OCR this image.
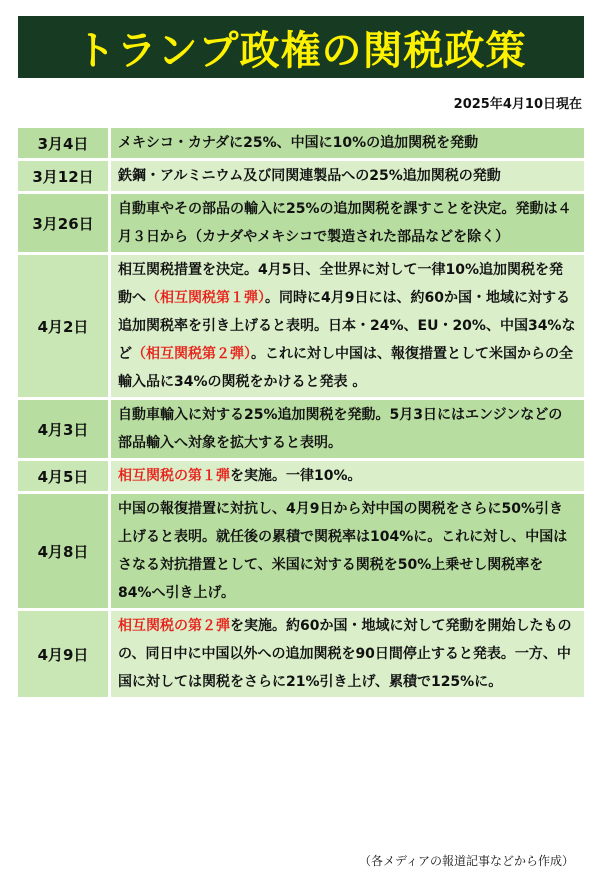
トランプ政権の関税政策
2025年4月10日現在
3月4日	メキシコ・カナダに25%、中国に10%の追加関税を発動
3月12日	鉄鋼・アルミニウム及び同関連製品への25%追加関税の発動
3月26日
自動車やその部品の輸入に25%の追加関税を課すことを決定。発動は４月３日から（カナダやメキシコで製造された部品などを除く）
4月2日
相互関税措置を決定。4月5日、全世界に対して一律10%追加関税を発動へ（相互関税第１弾）。同時に4月9日には、約60か国・地域に対する追加関税率を引き上げると表明。日本・24%、EU・20%、中国34%など（相互関税第２弾）。これに対し中国は、報復措置として米国からの全輸入品に34%の関税をかけると発表 。
4月3日
自動車輸入に対する25%追加関税を発動。5月3日にはエンジンなどの部品輸入へ対象を拡大すると表明。
4月5日	相互関税の第１弾を実施。一律10%。
4月8日
中国の報復措置に対抗し、4月9日から対中国の関税をさらに50%引き上げると表明。就任後の累積で関税率は104%に。これに対し、中国はさなる対抗措置として、米国に対する関税を50%上乗せし関税率を84%へ引き上げ。
4月9日
相互関税の第２弾を実施。約60か国・地域に対して発動を開始したものの、同日中に中国以外への追加関税を90日間停止すると発表。一方、中国に対しては関税をさらに21%引き上げ、累積で125%に。
（各メディアの報道記事などから作成）
